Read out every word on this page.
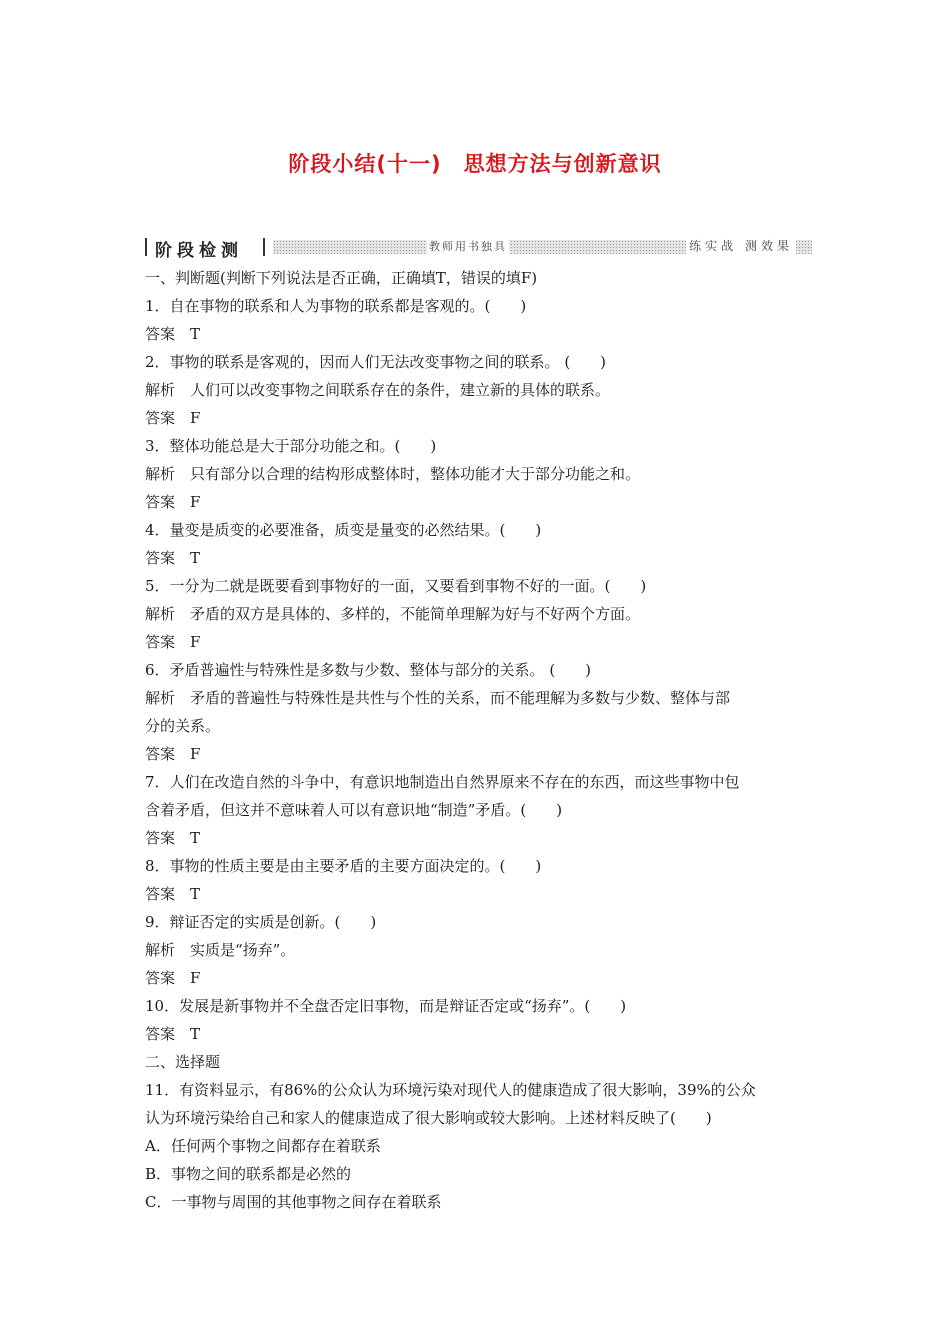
阶段小结(十一)　思想方法与创新意识
阶段检测	教师用书独具	练实战 测效果
一、判断题(判断下列说法是否正确，正确填T，错误的填F)
1．自在事物的联系和人为事物的联系都是客观的。(　　)
答案　T
2．事物的联系是客观的，因而人们无法改变事物之间的联系。 (　　)
解析　人们可以改变事物之间联系存在的条件，建立新的具体的联系。
答案　F
3．整体功能总是大于部分功能之和。(　　)
解析　只有部分以合理的结构形成整体时，整体功能才大于部分功能之和。
答案　F
4．量变是质变的必要准备，质变是量变的必然结果。(　　)
答案　T
5．一分为二就是既要看到事物好的一面，又要看到事物不好的一面。(　　)
解析　矛盾的双方是具体的、多样的，不能简单理解为好与不好两个方面。
答案　F
6．矛盾普遍性与特殊性是多数与少数、整体与部分的关系。 (　　)
解析　矛盾的普遍性与特殊性是共性与个性的关系，而不能理解为多数与少数、整体与部
分的关系。
答案　F
7．人们在改造自然的斗争中，有意识地制造出自然界原来不存在的东西，而这些事物中包
含着矛盾，但这并不意味着人可以有意识地“制造”矛盾。(　　)
答案　T
8．事物的性质主要是由主要矛盾的主要方面决定的。(　　)
答案　T
9．辩证否定的实质是创新。(　　)
解析　实质是“扬弃”。
答案　F
10．发展是新事物并不全盘否定旧事物，而是辩证否定或“扬弃”。(　　)
答案　T
二、选择题
11．有资料显示，有86%的公众认为环境污染对现代人的健康造成了很大影响，39%的公众
认为环境污染给自己和家人的健康造成了很大影响或较大影响。上述材料反映了(　　)
A．任何两个事物之间都存在着联系
B．事物之间的联系都是必然的
C．一事物与周围的其他事物之间存在着联系
